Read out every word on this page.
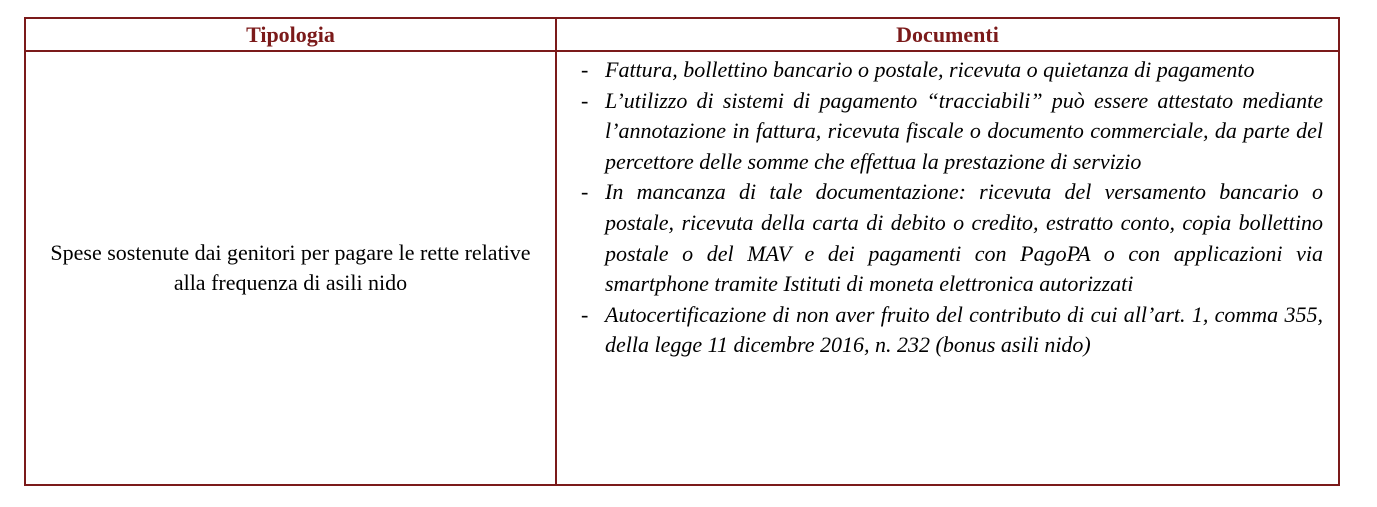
Tipologia	Documenti
Spese sostenute dai genitori per pagare le rette relative alla frequenza di asili nido
- Fattura, bollettino bancario o postale, ricevuta o quietanza di pagamento
- L’utilizzo di sistemi di pagamento “tracciabili” può essere attestato mediante l’annotazione in fattura, ricevuta fiscale o documento commerciale, da parte del percettore delle somme che effettua la prestazione di servizio
- In mancanza di tale documentazione: ricevuta del versamento bancario o postale, ricevuta della carta di debito o credito, estratto conto, copia bollettino postale o del MAV e dei pagamenti con PagoPA o con applicazioni via smartphone tramite Istituti di moneta elettronica autorizzati
- Autocertificazione di non aver fruito del contributo di cui all’art. 1, comma 355, della legge 11 dicembre 2016, n. 232 (bonus asili nido)
